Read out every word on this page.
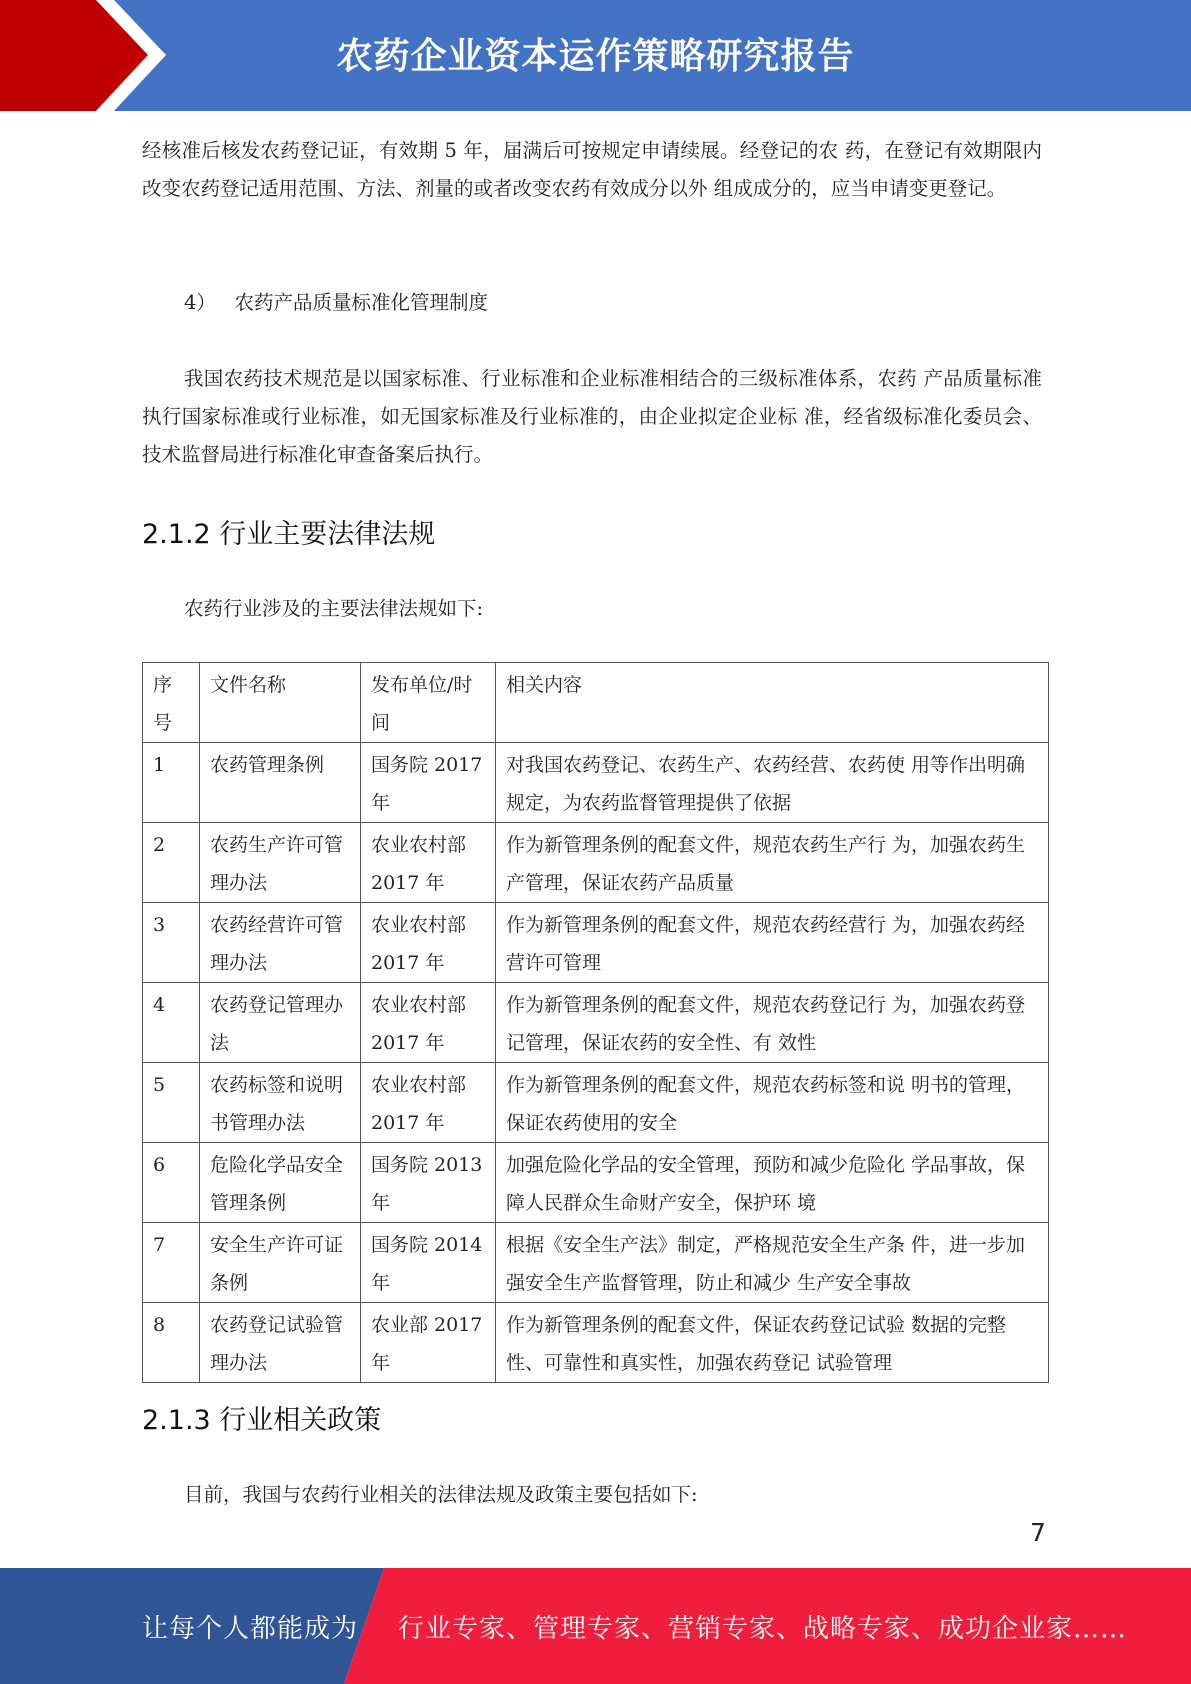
农药企业资本运作策略研究报告

经核准后核发农药登记证，有效期 5 年，届满后可按规定申请续展。经登记的农 药，在登记有效期限内改变农药登记适用范围、方法、剂量的或者改变农药有效成分以外 组成成分的，应当申请变更登记。

4） 农药产品质量标准化管理制度

我国农药技术规范是以国家标准、行业标准和企业标准相结合的三级标准体系，农药 产品质量标准执行国家标准或行业标准，如无国家标准及行业标准的，由企业拟定企业标 准，经省级标准化委员会、技术监督局进行标准化审查备案后执行。

2.1.2 行业主要法律法规

农药行业涉及的主要法律法规如下:

序号	文件名称	发布单位/时间	相关内容
1	农药管理条例	国务院 2017 年	对我国农药登记、农药生产、农药经营、农药使 用等作出明确规定，为农药监督管理提供了依据
2	农药生产许可管理办法	农业农村部 2017 年	作为新管理条例的配套文件，规范农药生产行 为，加强农药生产管理，保证农药产品质量
3	农药经营许可管理办法	农业农村部 2017 年	作为新管理条例的配套文件，规范农药经营行 为，加强农药经营许可管理
4	农药登记管理办法	农业农村部 2017 年	作为新管理条例的配套文件，规范农药登记行 为，加强农药登记管理，保证农药的安全性、有 效性
5	农药标签和说明书管理办法	农业农村部 2017 年	作为新管理条例的配套文件，规范农药标签和说 明书的管理，保证农药使用的安全
6	危险化学品安全管理条例	国务院 2013 年	加强危险化学品的安全管理，预防和减少危险化 学品事故，保障人民群众生命财产安全，保护环 境
7	安全生产许可证条例	国务院 2014 年	根据《安全生产法》制定，严格规范安全生产条 件，进一步加强安全生产监督管理，防止和减少 生产安全事故
8	农药登记试验管理办法	农业部 2017 年	作为新管理条例的配套文件，保证农药登记试验 数据的完整性、可靠性和真实性，加强农药登记 试验管理
2.1.3 行业相关政策

目前，我国与农药行业相关的法律法规及政策主要包括如下:

7
让每个人都能成为 行业专家、管理专家、营销专家、战略专家、成功企业家……
